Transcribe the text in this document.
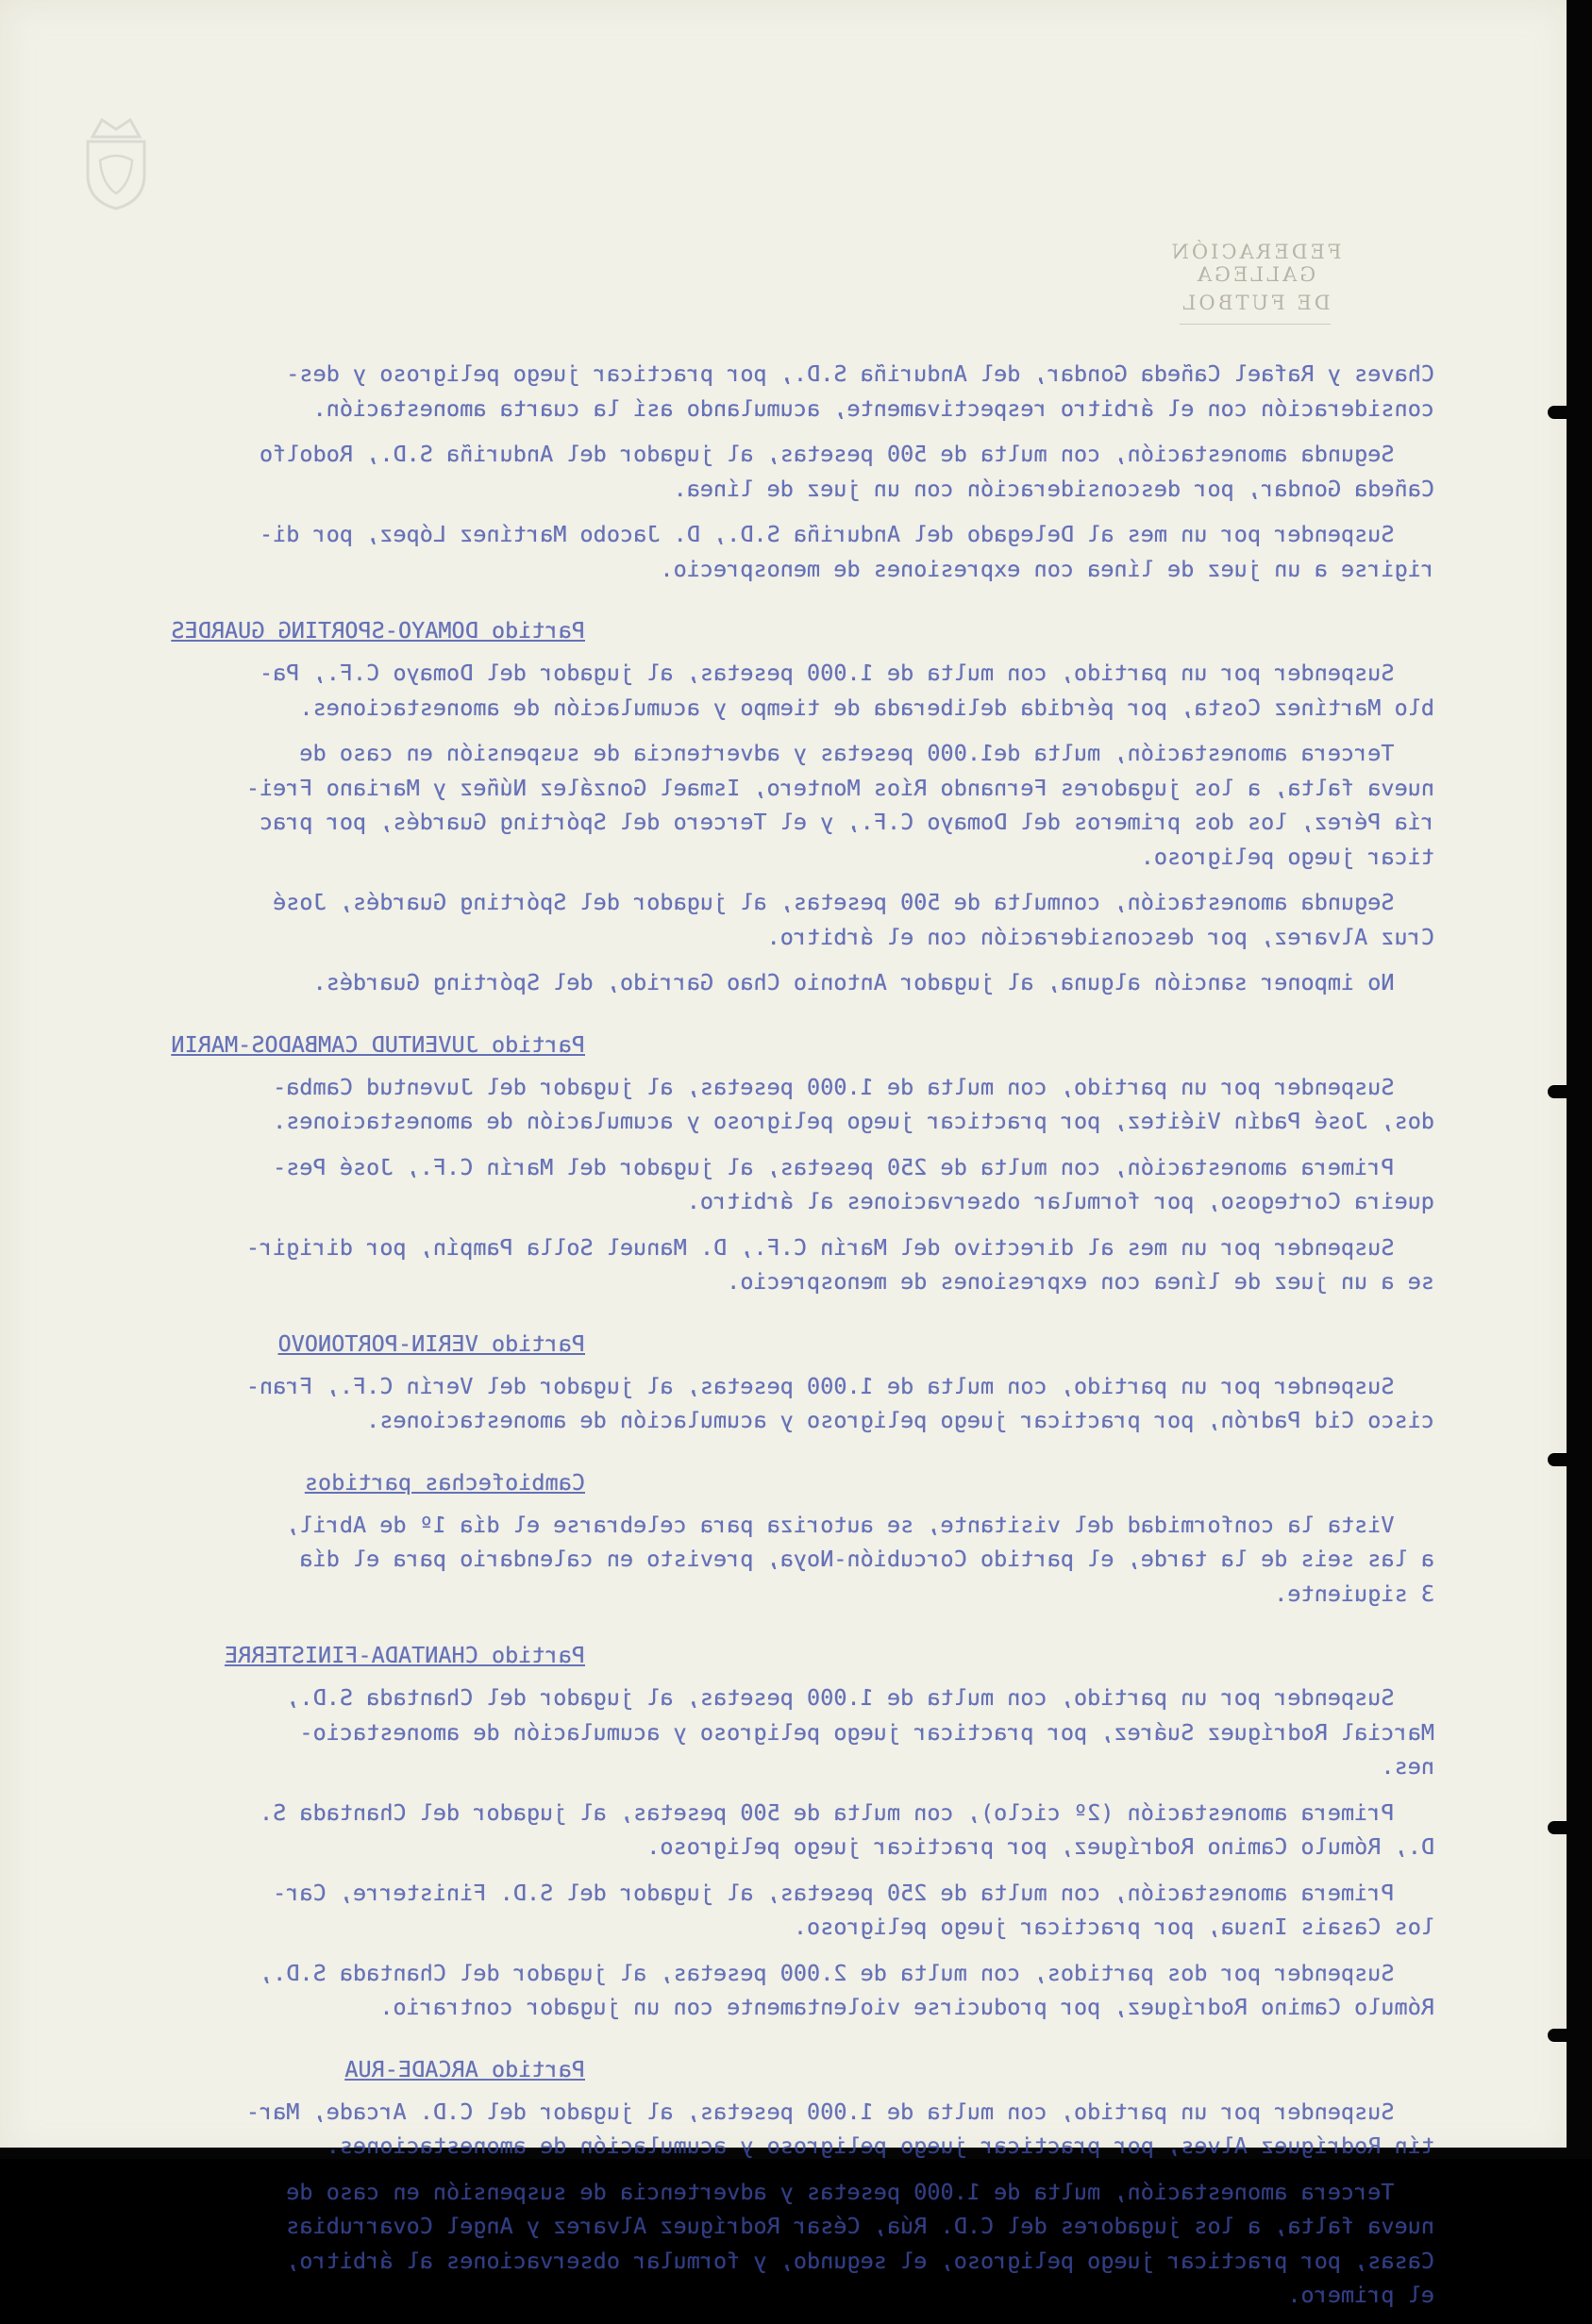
FEDERACIÓN GALLEGA
DE FUTBOL
Chaves y Rafael Cañeda Gondar, del Anduriña S.D., por practicar juego peligroso y des-
consideración con el árbitro respectivamente, acumulando así la cuarta amonestación.
Segunda amonestación, con multa de 500 pesetas, al jugador del Anduriña S.D., Rodolfo
Cañeda Gondar, por desconsideración con un juez de línea.
Suspender por un mes al Delegado del Anduriña S.D., D. Jacobo Martínez López, por di-
rigirse a un juez de línea con expresiones de menosprecio.
Partido DOMAYO-SPORTING GUARDES
Suspender por un partido, con multa de 1.000 pesetas, al jugador del Domayo C.F., Pa-
blo Martínez Costa, por pérdida deliberada de tiempo y acumulación de amonestaciones.
Tercera amonestación, multa de1.000 pesetas y advertencia de suspensión en caso de
nueva falta, a los jugadores Fernando Ríos Montero, Ismael González Núñez y Mariano Frei-
ría Pérez, los dos primeros del Domayo C.F., y el Tercero del Spórting Guardés, por prac
ticar juego peligroso.
Segunda amonestación, conmulta de 500 pesetas, al jugador del Spórting Guardés, José
Cruz Alvarez, por desconsideración con el árbitro.
No imponer sanción alguna, al jugador Antonio Chao Garrido, del Spórting Guardés.
Partido JUVENTUD CAMBADOS-MARIN
Suspender por un partido, con multa de 1.000 pesetas, al jugador del Juventud Camba-
dos, José Padín Viéitez, por practicar juego peligroso y acumulación de amonestaciones.
Primera amonestación, con multa de 250 pesetas, al jugador del Marín C.F., José Pes-
queira Cortegoso, por formular observaciones al árbitro.
Suspender por un mes al directivo del Marín C.F., D. Manuel Solla Pampín, por dirigir-
se a un juez de línea con expresiones de menosprecio.
Partido VERIN-PORTONOVO
Suspender por un partido, con multa de 1.000 pesetas, al jugador del Verín C.F., Fran-
cisco Cid Padrón, por practicar juego peligroso y acumulación de amonestaciones.
Cambiofechas partidos
Vista la conformidad del visitante, se autoriza para celebrarse el día 1º de Abril,
a las seis de la tarde, el partido Corcubión-Noya, previsto en calendario para el día
3 siguiente.
Partido CHANTADA-FINISTERRE
Suspender por un partido, con multa de 1.000 pesetas, al jugador del Chantada S.D.,
Marcial Rodríguez Suárez, por practicar juego peligroso y acumulación de amonestacio-
nes.
Primera amonestación (2º ciclo), con multa de 500 pesetas, al jugador del Chantada S.
D., Rómulo Camino Rodríguez, por practicar juego peligroso.
Primera amonestación, con multa de 250 pesetas, al jugador del S.D. Finisterre, Car-
los Casais Insua, por practicar juego peligroso.
Suspender por dos partidos, con multa de 2.000 pesetas, al jugador del Chantada S.D.,
Rómulo Camino Rodríguez, por producirse violentamente con un jugador contrario.
Partido ARCADE-RUA
Suspender por un partido, con multa de 1.000 pesetas, al jugador del C.D. Arcade, Mar-
tín Rodríguez Alves, por practicar juego peligroso y acumulación de amonestaciones.
Tercera amonestación, multa de 1.000 pesetas y advertencia de suspensión en caso de
nueva falta, a los jugadores del C.D. Rúa, César Rodríguez Alvarez y Angel Covarrubias
Casas, por practicar juego peligroso, el segundo, y formular observaciones al árbitro,
el primero.
